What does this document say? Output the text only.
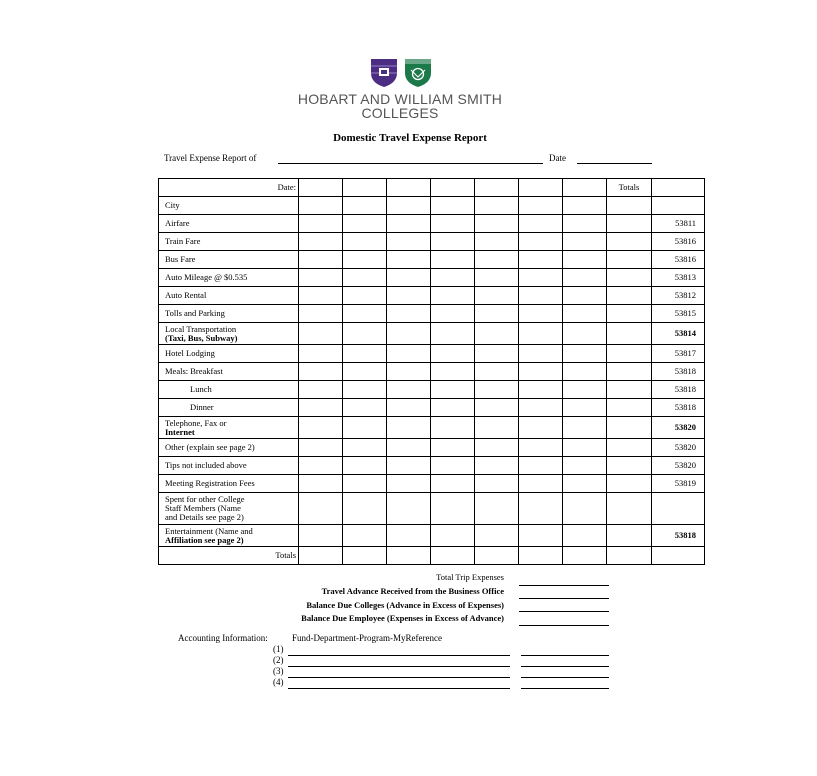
HOBART AND WILLIAM SMITH
COLLEGES
Domestic Travel Expense Report
Travel Expense Report of	Date
Date:								Totals	

City									

Airfare									53811

Train Fare									53816

Bus Fare									53816

Auto Mileage @ $0.535									53813

Auto Rental									53812

Tolls and Parking									53815

Local Transportation
(Taxi, Bus, Subway)									53814

Hotel Lodging									53817

Meals: Breakfast									53818

Lunch									53818

Dinner									53818

Telephone, Fax or
Internet									53820

Other (explain see page 2)									53820

Tips not included above									53820

Meeting Registration Fees									53819

Spent for other College
Staff Members (Name
and Details see page 2)									

Entertainment (Name and
Affiliation see page 2)									53818
Totals									
Total Trip Expenses
Travel Advance Received from the Business Office
Balance Due Colleges (Advance in Excess of Expenses)
Balance Due Employee (Expenses in Excess of Advance)
Accounting Information:	Fund-Department-Program-MyReference
(1)
(2)
(3)
(4)
